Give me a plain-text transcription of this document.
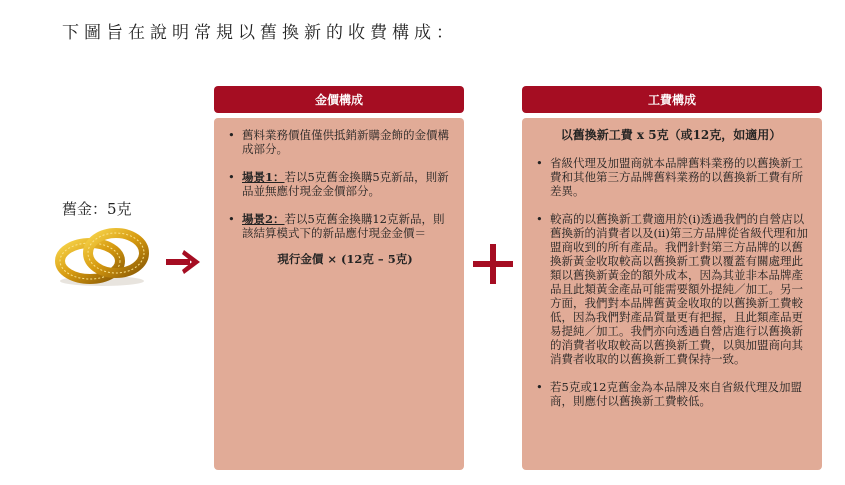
下圖旨在說明常規以舊換新的收費構成：
舊金：5克
金價構成
• 舊料業務價值僅供抵銷新購金飾的金價構成部分。
• 場景1：若以5克舊金換購5克新品，則新品並無應付現金金價部分。
• 場景2：若以5克舊金換購12克新品，則該結算模式下的新品應付現金金價＝
現行金價 × (12克 – 5克)
工費構成
以舊換新工費 x 5克（或12克，如適用）
• 省級代理及加盟商就本品牌舊料業務的以舊換新工費和其他第三方品牌舊料業務的以舊換新工費有所差異。
• 較高的以舊換新工費適用於(i)透過我們的自營店以舊換新的消費者以及(ii)第三方品牌從省級代理和加盟商收到的所有產品。我們針對第三方品牌的以舊換新黃金收取較高以舊換新工費以覆蓋有關處理此類以舊換新黃金的額外成本，因為其並非本品牌產品且此類黃金產品可能需要額外提純／加工。另一方面，我們對本品牌舊黃金收取的以舊換新工費較低，因為我們對產品質量更有把握，且此類產品更易提純／加工。我們亦向透過自營店進行以舊換新的消費者收取較高以舊換新工費，以與加盟商向其消費者收取的以舊換新工費保持一致。
• 若5克或12克舊金為本品牌及來自省級代理及加盟商，則應付以舊換新工費較低。
